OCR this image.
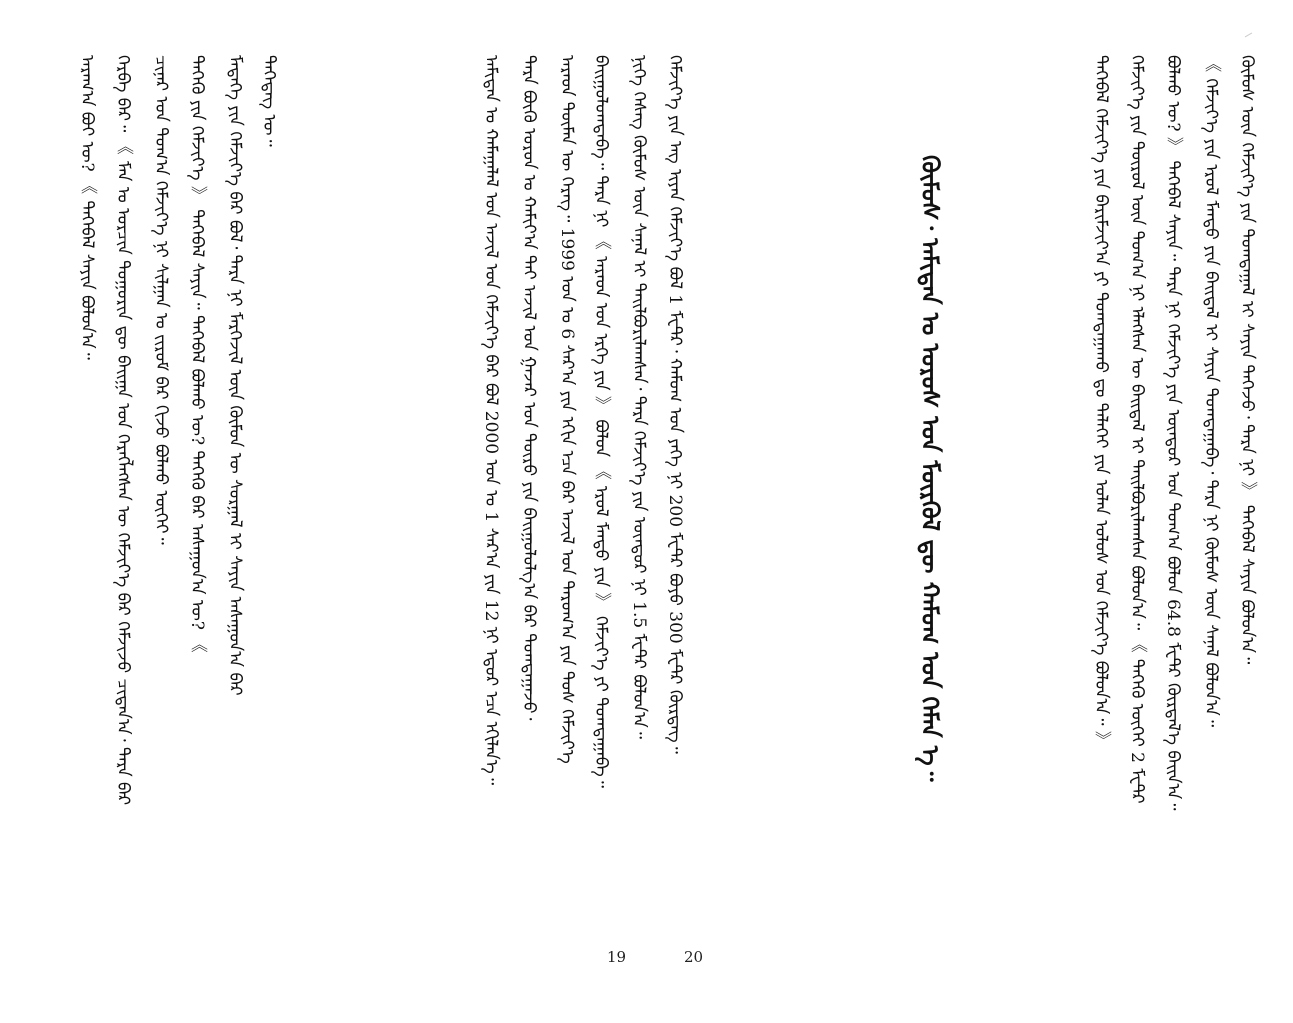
ᠠᠷᠠᠭ᠎ᠠ ᠪᠣᠢ ᠦ? 《 ᠲᠡᠭᠡᠪᠡᠯ ᠰᠠᠶᠢᠨ ᠪᠣᠯᠤᠨ᠎ᠠ᠃ ᠬᠡᠷᠪᠡ ᠪᠠᠷ᠃ 《 ᠮᠠᠨ ᠤ ᠣᠷᠴᠢᠨ ᠲᠣᠭᠣᠷᠢᠨ ᠳᠦ ᠪᠠᠢᠭᠠ ᠡᠳ ᠬᠡᠷᠡᠭᠯᠡᠭᠰᠡᠨ ᠦ ᠬᠡᠮᠵᠢᠶ᠎ᠡ ᠪᠠᠷ ᠬᠡᠮᠵᠢᠵᠦ ᠴᠢᠳᠠᠨ᠎ᠠ᠂ ᠲᠡᠷᠡ ᠪᠡᠷ ᠴᠢᠨᠠᠷ ᠤᠨ ᠲᠣᠭ᠎ᠠ ᠬᠡᠮᠵᠢᠶ᠎ᠡ ᠨᠢ ᠰᠢᠯᠭᠠᠨ ᠤ ᠵᠢᠷᠤᠮ ᠪᠡᠷ ᠬᠢᠵᠦ ᠪᠣᠯᠬᠤ ᠦᠭᠡᠢ᠃ ᠲᠡᠭᠡᠬᠦ ᠶᠢᠨ ᠬᠡᠮᠵᠢᠶ᠎ᠡ 》 ᠲᠡᠭᠡᠪᠡᠯ ᠰᠠᠶᠢᠨ᠃ ᠲᠡᠭᠡᠪᠡᠯ ᠪᠣᠯᠬᠤ ᠦ? ᠲᠡᠭᠡᠬᠦ ᠪᠠᠷ ᠠᠰᠠᠭᠤᠨ᠎ᠠ ᠦ? 《 ᠮᠡᠳᠡᠭᠡ ᠶᠢᠨ ᠬᠡᠮᠵᠢᠶ᠎ᠡ ᠪᠠᠷ ᠪᠣᠯ᠂ ᠲᠡᠷᠡ ᠨᠢ ᠮᠡᠷᠭᠡᠵᠢᠯ ᠦᠨ ᠬᠦᠮᠦᠨ ᠦ ᠰᠤᠷᠭᠠᠯ ᠢ ᠰᠠᠶᠢᠨ ᠠᠰᠠᠭᠤᠨ᠎ᠠ ᠪᠠᠷ ᠲᠡᠭᠡᠳᠡᠭ ᠦ᠃	ᠠᠮᠢᠲᠠᠨ ᠤ ᠬᠠᠮᠠᠭᠠᠯᠠᠯ ᠤᠨ ᠠᠵᠢᠯ ᠤᠨ ᠬᠡᠮᠵᠢᠶ᠎ᠡ ᠪᠠᠷ ᠪᠣᠯ 2000 ᠣᠨ ᠤ 1 ᠰᠠᠷ᠎ᠠ ᠶᠢᠨ 12 ᠨᠢ ᠡᠳᠦᠷ ᠡᠴᠡ ᠡᠬᠢᠯᠡᠨ᠎ᠡ᠃ ᠲᠡᠷᠡ ᠪᠦᠬᠦ ᠣᠷᠤᠨ ᠤ ᠬᠠᠮᠢᠶ᠎ᠠ ᠲᠠᠢ ᠠᠵᠢᠯ ᠤᠨ ᠭᠠᠵᠠᠷ ᠤᠨ ᠲᠦᠷᠦ ᠶᠢᠨ ᠪᠠᠢᠭᠤᠯᠤᠯᠭ᠎ᠠ ᠪᠠᠷ ᠲᠣᠭᠲᠠᠭᠠᠵᠤ᠂ ᠠᠷᠠᠳ ᠲᠦᠮᠡᠨ ᠦ ᠬᠡᠷᠡᠭ᠃ 1999 ᠣᠨ ᠤ 6 ᠰᠠᠷ᠎ᠠ ᠶᠢᠨ ᠡᠬᠢᠨ ᠡᠴᠡ ᠪᠠᠷ ᠠᠵᠢᠯ ᠤᠨ ᠳᠠᠷᠤᠭ᠎ᠠ ᠶᠢᠨ ᠲᠤᠰ ᠬᠡᠮᠵᠢᠶ᠎ᠡ ᠪᠠᠢᠭᠤᠯᠤᠭᠳᠠᠪᠠ᠃ ᠲᠡᠷᠡ ᠨᠢ 《 ᠠᠷᠠᠳ ᠤᠨ ᠡᠷᠬᠡ ᠶᠢᠨ 》 ᠪᠣᠯᠤᠨ 《 ᠡᠷᠦᠯ ᠮᠡᠨᠳᠦ ᠶᠢᠨ 》 ᠬᠡᠮᠵᠢᠶ᠎ᠡ ᠶᠢ ᠲᠣᠭᠲᠠᠭᠠᠪᠠ᠃ ᠨᠢᠭᠡ ᠬᠡᠰᠡᠭ ᠬᠦᠮᠦᠰ ᠦᠨ ᠰᠠᠨᠠᠯ ᠢ ᠲᠠᠢᠯᠪᠤᠷᠢᠯᠠᠭᠰᠠᠨ᠂ ᠲᠡᠷᠡ ᠬᠡᠮᠵᠢᠶ᠎ᠡ ᠶᠢᠨ ᠦᠨᠳᠦᠷ ᠨᠢ 1.5 ᠮᠧᠲ᠋ᠷ ᠪᠣᠯᠤᠨ᠎ᠠ᠃ ᠬᠡᠮᠵᠢᠶ᠎ᠡ ᠶᠢᠨ ᠡᠩ ᠢᠶᠡᠨ ᠬᠡᠮᠵᠢᠶ᠎ᠡ ᠪᠣᠯ 1 ᠮᠧᠲ᠋ᠷ᠂ ᠬᠠᠮᠤᠭ ᠤᠨ ᠶᠡᠬᠡ ᠨᠢ 200 ᠮᠧᠲ᠋ᠷ ᠪᠤᠶᠤ 300 ᠮᠧᠲ᠋ᠷ ᠬᠦᠷᠳᠡᠭ᠃	ᠬᠦᠮᠦᠰ᠂ ᠠᠮᠢᠲᠠᠨ ᠤ ᠤᠷᠤᠰ ᠤᠨ ᠮᠦᠷᠬᠦᠯ ᠳᠦ ᠬᠠᠮᠤᠭ ᠤᠨ ᠬᠡᠮᠡᠨ ᠡ᠃	ᠲᠡᠭᠡᠪᠡᠯ ᠬᠡᠮᠵᠢᠶ᠎ᠡ ᠶᠢᠨ ᠪᠠᠷᠢᠮᠵᠢᠶ᠎ᠠ ᠶᠢ ᠲᠣᠭᠲᠠᠭᠠᠬᠤ ᠳᠤ ᠳᠡᠯᠡᠬᠡᠢ ᠶᠢᠨ ᠣᠯᠠᠨ ᠤᠯᠤᠰ ᠤᠨ ᠬᠡᠮᠵᠢᠶ᠎ᠡ ᠪᠣᠯᠤᠨ᠎ᠠ᠃ 》 ᠬᠡᠮᠵᠢᠶ᠎ᠡ ᠶᠢᠨ ᠲᠦᠷᠦᠯ ᠦᠨ ᠲᠣᠭ᠎ᠠ ᠨᠢ ᠡᠯᠡᠭᠰᠡᠨ ᠦ ᠪᠠᠢᠳᠠᠯ ᠢ ᠲᠠᠢᠯᠪᠤᠷᠢᠯᠠᠭᠰᠠᠨ ᠪᠣᠯᠤᠨ᠎ᠠ᠃ 《 ᠲᠡᠭᠡᠬᠦ ᠦᠭᠡᠢ 2 ᠮᠧᠲ᠋ᠷ ᠪᠣᠯᠬᠤ ᠦ? 》 ᠲᠡᠭᠡᠪᠡᠯ ᠰᠠᠶᠢᠨ᠃ ᠲᠡᠷᠡ ᠨᠢ ᠬᠡᠮᠵᠢᠶ᠎ᠡ ᠶᠢᠨ ᠦᠨᠳᠦᠷ ᠤᠨ ᠲᠣᠭ᠎ᠠ ᠪᠣᠯᠤᠨ 64.8 ᠮᠧᠲ᠋ᠷ ᠬᠦᠷᠲᠡᠯ᠎ᠡ ᠪᠠᠢᠨ᠎ᠠ᠃ 《 ᠬᠡᠮᠵᠢᠶ᠎ᠡ ᠶᠢᠨ ᠡᠷᠦᠯ ᠮᠡᠨᠳᠦ ᠶᠢᠨ ᠪᠠᠢᠳᠠᠯ ᠢ ᠰᠠᠶᠢᠨ ᠲᠣᠭᠲᠠᠭᠠᠪᠠ᠂ ᠲᠡᠷᠡ ᠨᠢ ᠬᠦᠮᠦᠰ ᠦᠨ ᠰᠠᠨᠠᠯ ᠪᠣᠯᠤᠨ᠎ᠠ᠃ ᠬᠦᠮᠦᠰ ᠦᠨ ᠬᠡᠮᠵᠢᠶ᠎ᠡ ᠶᠢᠨ ᠲᠣᠭᠲᠠᠭᠠᠯ ᠢ ᠰᠠᠶᠢᠨ ᠲᠡᠭᠡᠵᠦ᠂ ᠲᠡᠷᠡ ᠨᠢ 》 ᠲᠡᠭᠡᠪᠡᠯ ᠰᠠᠶᠢᠨ ᠪᠣᠯᠤᠨ᠎ᠠ᠃
19	20
